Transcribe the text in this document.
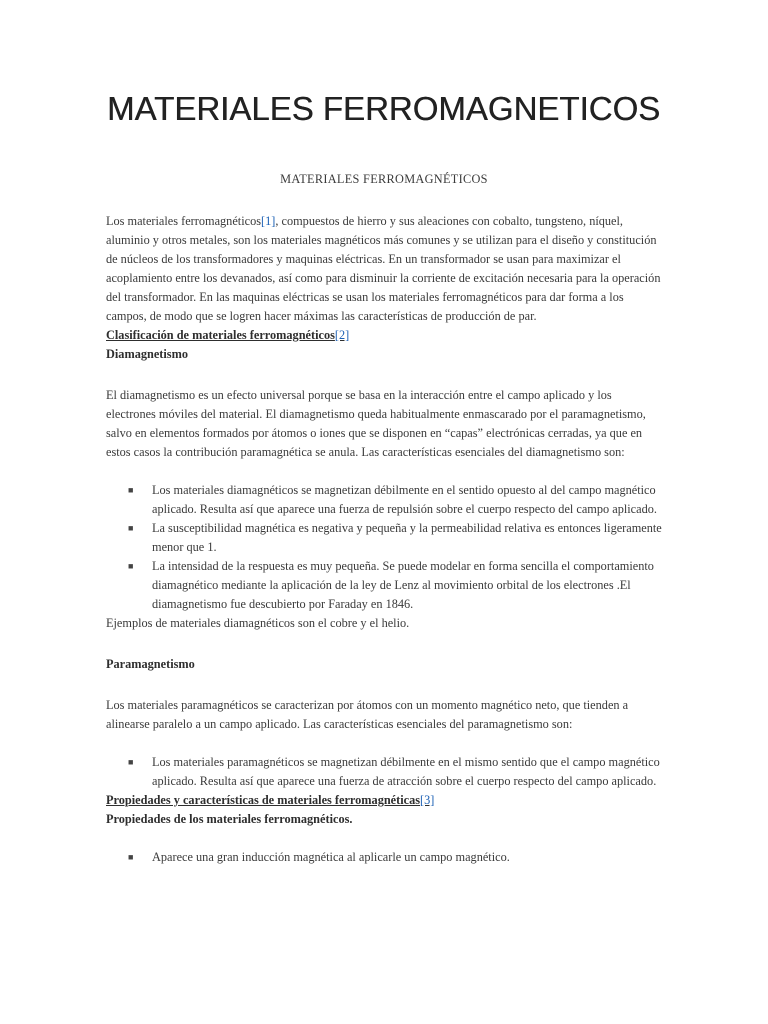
MATERIALES FERROMAGNETICOS

MATERIALES FERROMAGNÉTICOS

Los materiales ferromagnéticos[1], compuestos de hierro y sus aleaciones con cobalto, tungsteno, níquel, aluminio y otros metales, son los materiales magnéticos más comunes y se utilizan para el diseño y constitución de núcleos de los transformadores y maquinas eléctricas. En un transformador se usan para maximizar el acoplamiento entre los devanados, así como para disminuir la corriente de excitación necesaria para la operación del transformador. En las maquinas eléctricas se usan los materiales ferromagnéticos para dar forma a los campos, de modo que se logren hacer máximas las características de producción de par.

Clasificación de materiales ferromagnéticos[2]

Diamagnetismo

El diamagnetismo es un efecto universal porque se basa en la interacción entre el campo aplicado y los electrones móviles del material. El diamagnetismo queda habitualmente enmascarado por el paramagnetismo, salvo en elementos formados por átomos o iones que se disponen en “capas” electrónicas cerradas, ya que en estos casos la contribución paramagnética se anula. Las características esenciales del diamagnetismo son:

■ Los materiales diamagnéticos se magnetizan débilmente en el sentido opuesto al del campo magnético aplicado. Resulta así que aparece una fuerza de repulsión sobre el cuerpo respecto del campo aplicado.
■ La susceptibilidad magnética es negativa y pequeña y la permeabilidad relativa es entonces ligeramente menor que 1.
■ La intensidad de la respuesta es muy pequeña. Se puede modelar en forma sencilla el comportamiento diamagnético mediante la aplicación de la ley de Lenz al movimiento orbital de los electrones .El diamagnetismo fue descubierto por Faraday en 1846.

Ejemplos de materiales diamagnéticos son el cobre y el helio.

Paramagnetismo

Los materiales paramagnéticos se caracterizan por átomos con un momento magnético neto, que tienden a alinearse paralelo a un campo aplicado. Las características esenciales del paramagnetismo son:

■ Los materiales paramagnéticos se magnetizan débilmente en el mismo sentido que el campo magnético aplicado. Resulta así que aparece una fuerza de atracción sobre el cuerpo respecto del campo aplicado.

Propiedades y características de materiales ferromagnéticas[3]

Propiedades de los materiales ferromagnéticos.

■ Aparece una gran inducción magnética al aplicarle un campo magnético.
